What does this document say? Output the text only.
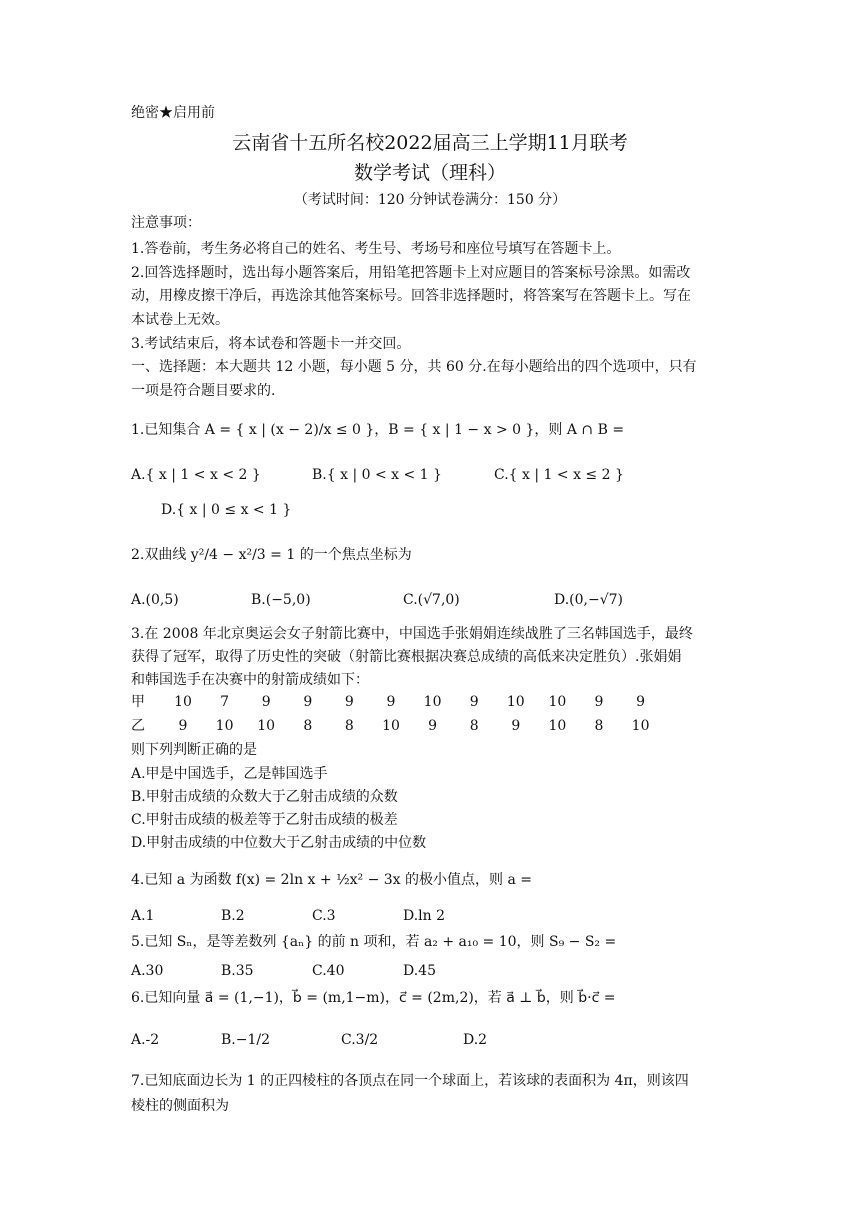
绝密★启用前
云南省十五所名校2022届高三上学期11月联考
数学考试（理科）
（考试时间：120 分钟试卷满分：150 分）
注意事项：
1.答卷前，考生务必将自己的姓名、考生号、考场号和座位号填写在答题卡上。
2.回答选择题时，选出每小题答案后，用铅笔把答题卡上对应题目的答案标号涂黑。如需改
动，用橡皮擦干净后，再选涂其他答案标号。回答非选择题时，将答案写在答题卡上。写在
本试卷上无效。
3.考试结束后，将本试卷和答题卡一并交回。
一、选择题：本大题共 12 小题，每小题 5 分，共 60 分.在每小题给出的四个选项中，只有
一项是符合题目要求的.
1.已知集合 A = { x | (x − 2)/x ≤ 0 }，B = { x | 1 − x > 0 }，则 A ∩ B =
A.{ x | 1 < x < 2 }	B.{ x | 0 < x < 1 }	C.{ x | 1 < x ≤ 2 }
D.{ x | 0 ≤ x < 1 }
2.双曲线 y²/4 − x²/3 = 1 的一个焦点坐标为
A.(0,5)	B.(−5,0)	C.(√7,0)	D.(0,−√7)
3.在 2008 年北京奥运会女子射箭比赛中，中国选手张娟娟连续战胜了三名韩国选手，最终
获得了冠军，取得了历史性的突破（射箭比赛根据决赛总成绩的高低来决定胜负）.张娟娟
和韩国选手在决赛中的射箭成绩如下：
甲	10	7	9	9	9	9	10	9	10	10	9	9
乙	9	10	10	8	8	10	9	8	9	10	8	10
则下列判断正确的是
A.甲是中国选手，乙是韩国选手
B.甲射击成绩的众数大于乙射击成绩的众数
C.甲射击成绩的极差等于乙射击成绩的极差
D.甲射击成绩的中位数大于乙射击成绩的中位数
4.已知 a 为函数 f(x) = 2ln x + ½x² − 3x 的极小值点，则 a =
A.1	B.2	C.3	D.ln 2
5.已知 Sₙ，是等差数列 {aₙ} 的前 n 项和，若 a₂ + a₁₀ = 10，则 S₉ − S₂ =
A.30	B.35	C.40	D.45
6.已知向量 a⃗ = (1,−1)，b⃗ = (m,1−m)，c⃗ = (2m,2)，若 a⃗ ⊥ b⃗，则 b⃗·c⃗ =
A.-2	B.−1/2	C.3/2	D.2
7.已知底面边长为 1 的正四棱柱的各顶点在同一个球面上，若该球的表面积为 4π，则该四
棱柱的侧面积为
